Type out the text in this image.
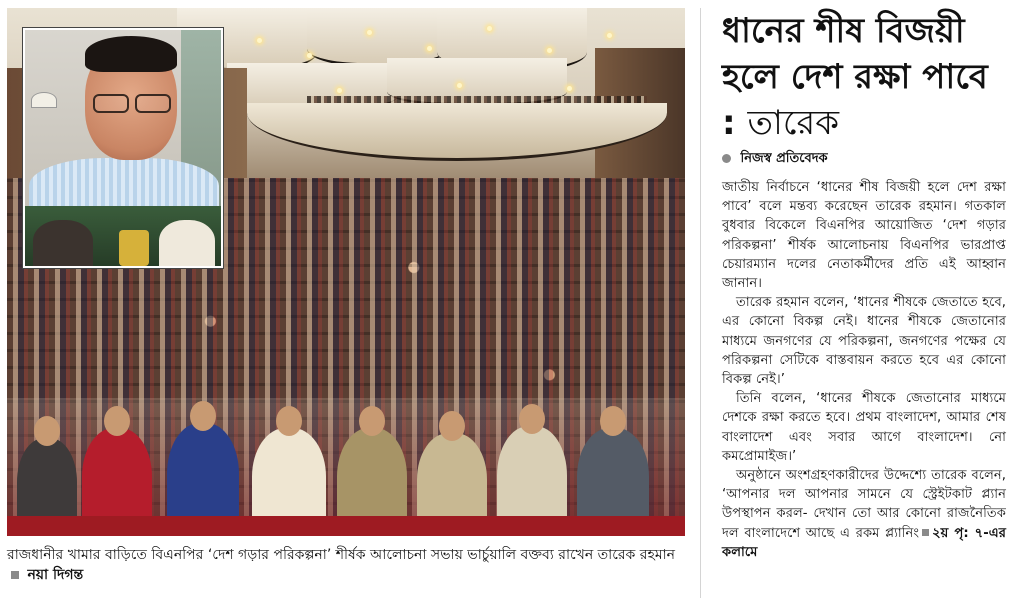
রাজধানীর খামার বাড়িতে বিএনপির ‘দেশ গড়ার পরিকল্পনা’ শীর্ষক আলোচনা সভায় ভার্চুয়ালি বক্তব্য রাখেন তারেক রহমান  নয়া দিগন্ত
ধানের শীষ বিজয়ী হলে দেশ রক্ষা পাবে : তারেক
নিজস্ব প্রতিবেদক

জাতীয় নির্বাচনে ‘ধানের শীষ বিজয়ী হলে দেশ রক্ষা পাবে’ বলে মন্তব্য করেছেন তারেক রহমান। গতকাল বুধবার বিকেলে বিএনপির আয়োজিত ‘দেশ গড়ার পরিকল্পনা’ শীর্ষক আলোচনায় বিএনপির ভারপ্রাপ্ত চেয়ারম্যান দলের নেতাকর্মীদের প্রতি এই আহ্বান জানান।

তারেক রহমান বলেন, ‘ধানের শীষকে জেতাতে হবে, এর কোনো বিকল্প নেই। ধানের শীষকে জেতানোর মাধ্যমে জনগণের যে পরিকল্পনা, জনগণের পক্ষের যে পরিকল্পনা সেটিকে বাস্তবায়ন করতে হবে এর কোনো বিকল্প নেই।’

তিনি বলেন, ‘ধানের শীষকে জেতানোর মাধ্যমে দেশকে রক্ষা করতে হবে। প্রথম বাংলাদেশ, আমার শেষ বাংলাদেশ এবং সবার আগে বাংলাদেশ। নো কমপ্রোমাইজ।’

অনুষ্ঠানে অংশগ্রহণকারীদের উদ্দেশ্যে তারেক বলেন, ‘আপনার দল আপনার সামনে যে স্ট্রেইটকাট প্ল্যান উপস্থাপন করল- দেখান তো আর কোনো রাজনৈতিক দল বাংলাদেশে আছে এ রকম প্ল্যানিং ২য় পৃ: ৭-এর কলামে
